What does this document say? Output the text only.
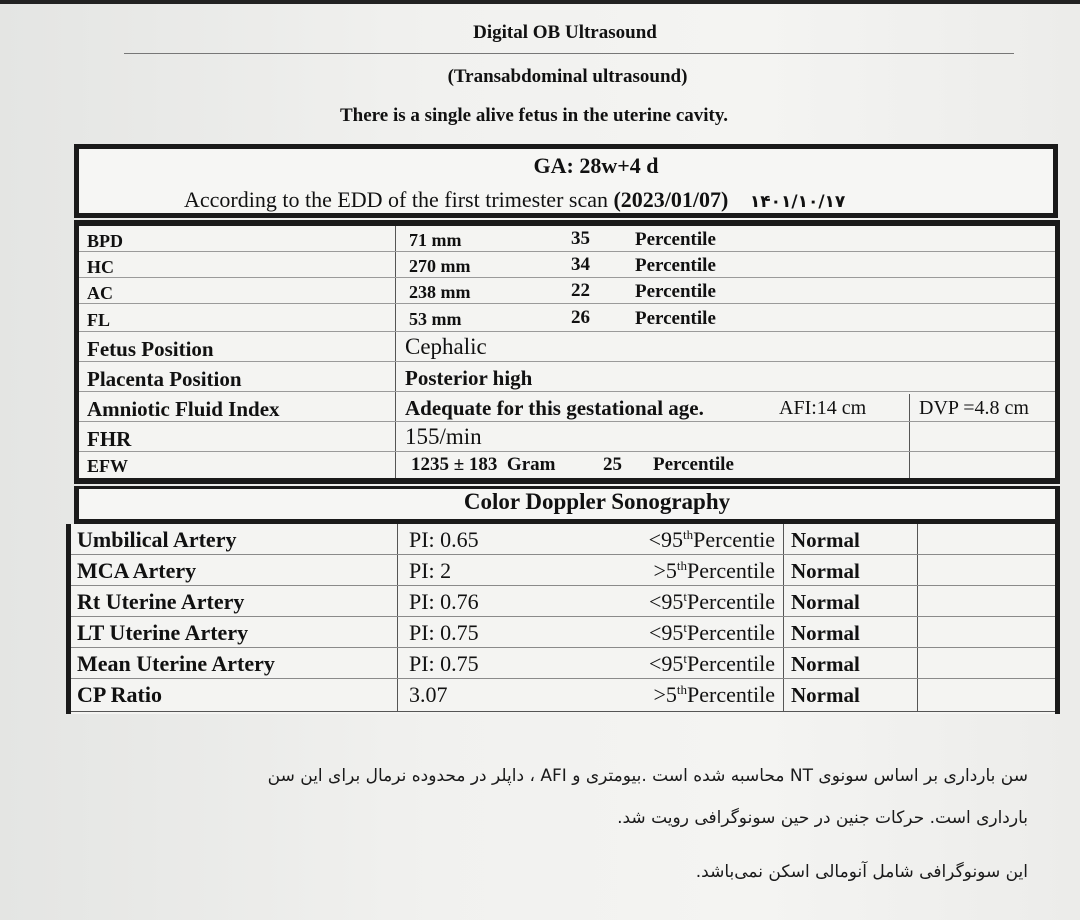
Digital OB Ultrasound
(Transabdominal ultrasound)
There is a single alive fetus in the uterine cavity.
GA: 28w+4 d
According to the EDD of the first trimester scan (2023/01/07) ۱۴۰۱/۱۰/۱۷
BPD	71 mm	35 Percentile
HC	270 mm	34 Percentile
AC	238 mm	22 Percentile
FL	53 mm	26 Percentile
Fetus Position	Cephalic
Placenta Position	Posterior high
Amniotic Fluid Index	Adequate for this gestational age.	AFI:14 cm	DVP =4.8 cm
FHR	155/min
EFW	1235 ± 183  Gram	25 Percentile
Color Doppler Sonography
Umbilical Artery	PI: 0.65	<95thPercentie Normal
MCA Artery	PI: 2	>5thPercentile Normal
Rt Uterine Artery	PI: 0.76	$<95^tPercentile$ Normal
LT Uterine Artery	PI: 0.75	$<95^tPercentile$ Normal
Mean Uterine Artery	PI: 0.75	$<95^tPercentile$ Normal
CP Ratio	3.07	>5thPercentile Normal
سن بارداری بر اساس سونوی NT محاسبه شده است .بیومتری و AFI ، داپلر در محدوده نرمال برای این سن
بارداری است. حرکات جنین در حین سونوگرافی رویت شد.
این سونوگرافی شامل آنومالی اسکن نمی‌باشد.
